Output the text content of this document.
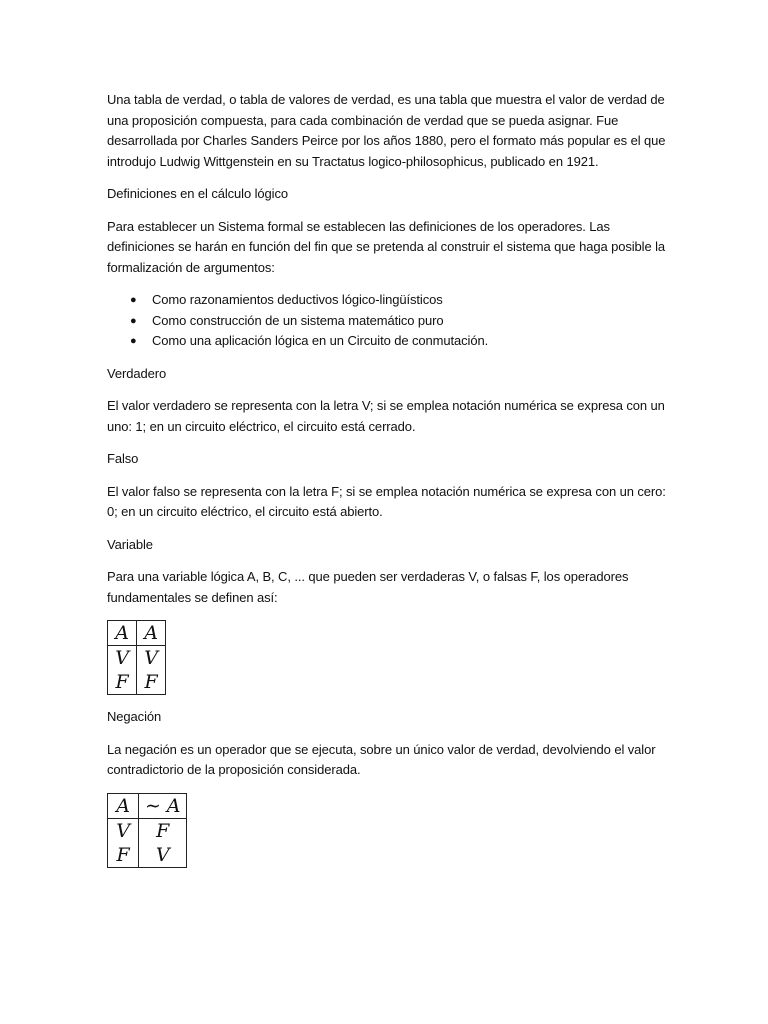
Una tabla de verdad, o tabla de valores de verdad, es una tabla que muestra el valor de verdad de una proposición compuesta, para cada combinación de verdad que se pueda asignar. Fue desarrollada por Charles Sanders Peirce por los años 1880, pero el formato más popular es el que introdujo Ludwig Wittgenstein en su Tractatus logico-philosophicus, publicado en 1921.

Definiciones en el cálculo lógico

Para establecer un Sistema formal se establecen las definiciones de los operadores. Las definiciones se harán en función del fin que se pretenda al construir el sistema que haga posible la formalización de argumentos:

● Como razonamientos deductivos lógico-lingüísticos
● Como construcción de un sistema matemático puro
● Como una aplicación lógica en un Circuito de conmutación.

Verdadero

El valor verdadero se representa con la letra V; si se emplea notación numérica se expresa con un uno: 1; en un circuito eléctrico, el circuito está cerrado.

Falso

El valor falso se representa con la letra F; si se emplea notación numérica se expresa con un cero: 0; en un circuito eléctrico, el circuito está abierto.

Variable

Para una variable lógica A, B, C, ... que pueden ser verdaderas V, o falsas F, los operadores fundamentales se definen así:

A	A
V	V
F	F

Negación

La negación es un operador que se ejecuta, sobre un único valor de verdad, devolviendo el valor contradictorio de la proposición considerada.

A	∼ A
V	F
F	V
